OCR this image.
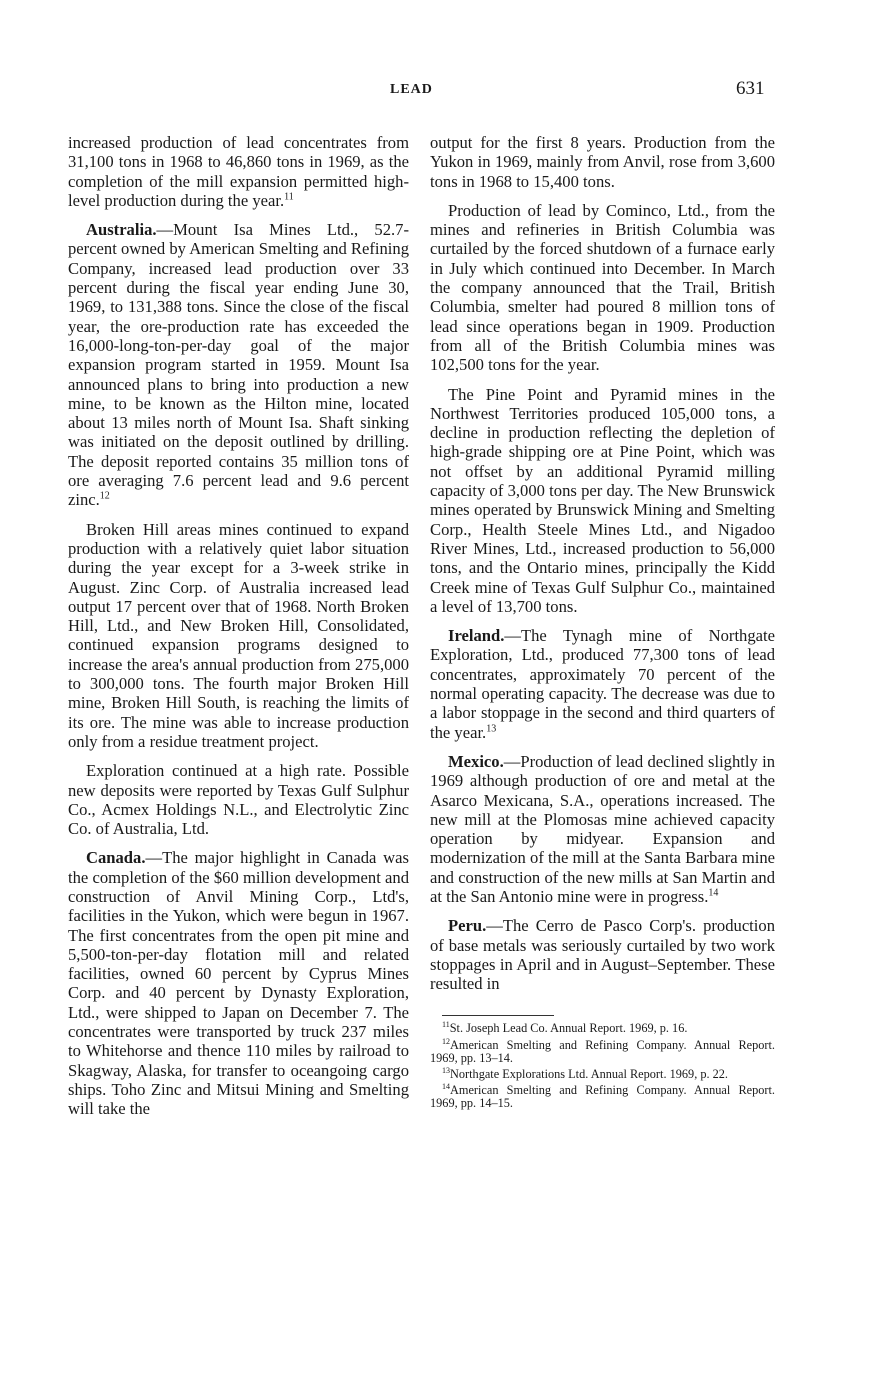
LEAD	631

increased production of lead concentrates from 31,100 tons in 1968 to 46,860 tons in 1969, as the completion of the mill expansion permitted high-level production during the year.$^{11}$

Australia.—Mount Isa Mines Ltd., 52.7-percent owned by American Smelting and Refining Company, increased lead production over 33 percent during the fiscal year ending June 30, 1969, to 131,388 tons. Since the close of the fiscal year, the ore-production rate has exceeded the 16,000-long-ton-per-day goal of the major expansion program started in 1959. Mount Isa announced plans to bring into production a new mine, to be known as the Hilton mine, located about 13 miles north of Mount Isa. Shaft sinking was initiated on the deposit outlined by drilling. The deposit reported contains 35 million tons of ore averaging 7.6 percent lead and 9.6 percent zinc.$^{12}$

Broken Hill areas mines continued to expand production with a relatively quiet labor situation during the year except for a 3-week strike in August. Zinc Corp. of Australia increased lead output 17 percent over that of 1968. North Broken Hill, Ltd., and New Broken Hill, Consolidated, continued expansion programs designed to increase the area's annual production from 275,000 to 300,000 tons. The fourth major Broken Hill mine, Broken Hill South, is reaching the limits of its ore. The mine was able to increase production only from a residue treatment project.

Exploration continued at a high rate. Possible new deposits were reported by Texas Gulf Sulphur Co., Acmex Holdings N.L., and Electrolytic Zinc Co. of Australia, Ltd.

Canada.—The major highlight in Canada was the completion of the $60 million development and construction of Anvil Mining Corp., Ltd's, facilities in the Yukon, which were begun in 1967. The first concentrates from the open pit mine and 5,500-ton-per-day flotation mill and related facilities, owned 60 percent by Cyprus Mines Corp. and 40 percent by Dynasty Exploration, Ltd., were shipped to Japan on December 7. The concentrates were transported by truck 237 miles to Whitehorse and thence 110 miles by railroad to Skagway, Alaska, for transfer to oceangoing cargo ships. Toho Zinc and Mitsui Mining and Smelting will take the

output for the first 8 years. Production from the Yukon in 1969, mainly from Anvil, rose from 3,600 tons in 1968 to 15,400 tons.

Production of lead by Cominco, Ltd., from the mines and refineries in British Columbia was curtailed by the forced shutdown of a furnace early in July which continued into December. In March the company announced that the Trail, British Columbia, smelter had poured 8 million tons of lead since operations began in 1909. Production from all of the British Columbia mines was 102,500 tons for the year.

The Pine Point and Pyramid mines in the Northwest Territories produced 105,000 tons, a decline in production reflecting the depletion of high-grade shipping ore at Pine Point, which was not offset by an additional Pyramid milling capacity of 3,000 tons per day. The New Brunswick mines operated by Brunswick Mining and Smelting Corp., Health Steele Mines Ltd., and Nigadoo River Mines, Ltd., increased production to 56,000 tons, and the Ontario mines, principally the Kidd Creek mine of Texas Gulf Sulphur Co., maintained a level of 13,700 tons.

Ireland.—The Tynagh mine of Northgate Exploration, Ltd., produced 77,300 tons of lead concentrates, approximately 70 percent of the normal operating capacity. The decrease was due to a labor stoppage in the second and third quarters of the year.$^{13}$

Mexico.—Production of lead declined slightly in 1969 although production of ore and metal at the Asarco Mexicana, S.A., operations increased. The new mill at the Plomosas mine achieved capacity operation by midyear. Expansion and modernization of the mill at the Santa Barbara mine and construction of the new mills at San Martin and at the San Antonio mine were in progress.$^{14}$

Peru.—The Cerro de Pasco Corp's. production of base metals was seriously curtailed by two work stoppages in April and in August–September. These resulted in

$^{11}$St. Joseph Lead Co. Annual Report. 1969, p. 16.

$^{12}$American Smelting and Refining Company. Annual Report. 1969, pp. 13–14.

$^{13}$Northgate Explorations Ltd. Annual Report. 1969, p. 22.

$^{14}$American Smelting and Refining Company. Annual Report. 1969, pp. 14–15.
